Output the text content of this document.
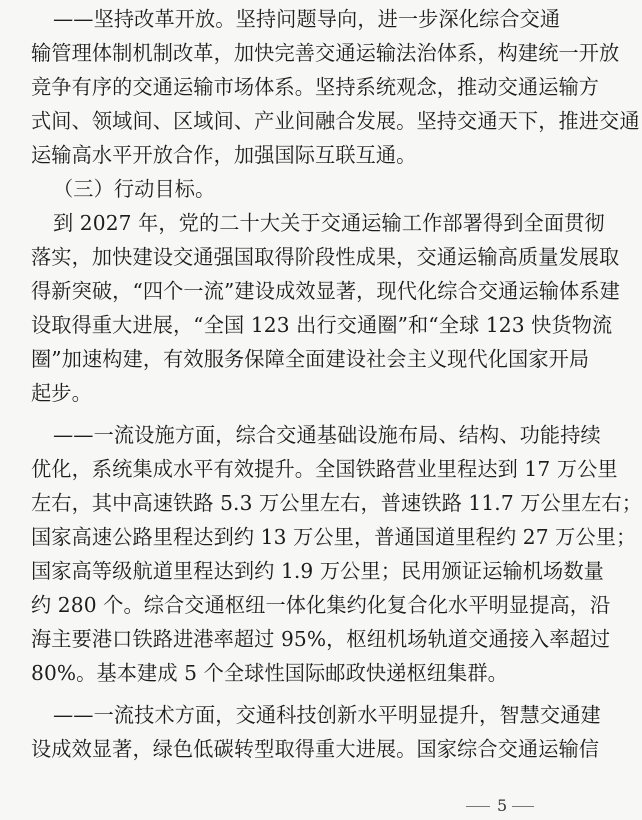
——坚持改革开放。坚持问题导向，进一步深化综合交通
输管理体制机制改革，加快完善交通运输法治体系，构建统一开放
竞争有序的交通运输市场体系。坚持系统观念，推动交通运输方
式间、领域间、区域间、产业间融合发展。坚持交通天下，推进交通
运输高水平开放合作，加强国际互联互通。
（三）行动目标。
到 2027 年，党的二十大关于交通运输工作部署得到全面贯彻
落实，加快建设交通强国取得阶段性成果，交通运输高质量发展取
得新突破，“四个一流”建设成效显著，现代化综合交通运输体系建
设取得重大进展，“全国 123 出行交通圈”和“全球 123 快货物流
圈”加速构建，有效服务保障全面建设社会主义现代化国家开局
起步。
——一流设施方面，综合交通基础设施布局、结构、功能持续
优化，系统集成水平有效提升。全国铁路营业里程达到 17 万公里
左右，其中高速铁路 5.3 万公里左右，普速铁路 11.7 万公里左右；
国家高速公路里程达到约 13 万公里，普通国道里程约 27 万公里；
国家高等级航道里程达到约 1.9 万公里；民用颁证运输机场数量
约 280 个。综合交通枢纽一体化集约化复合化水平明显提高，沿
海主要港口铁路进港率超过 95%，枢纽机场轨道交通接入率超过
80%。基本建成 5 个全球性国际邮政快递枢纽集群。
——一流技术方面，交通科技创新水平明显提升，智慧交通建
设成效显著，绿色低碳转型取得重大进展。国家综合交通运输信
5
